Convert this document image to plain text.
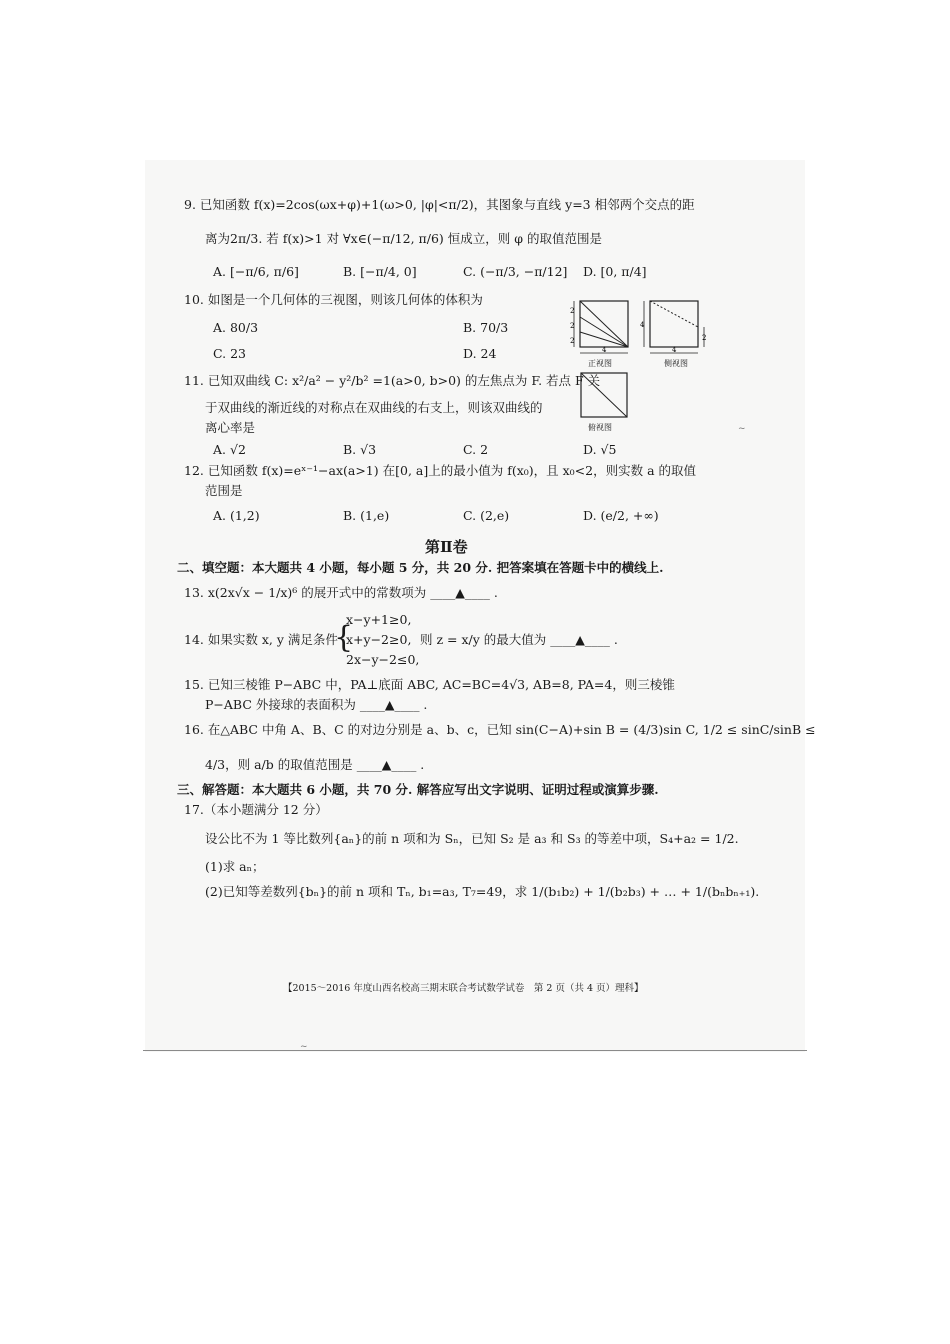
9. 已知函数 f(x)=2cos(ωx+φ)+1(ω>0, |φ|<π/2)，其图象与直线 y=3 相邻两个交点的距
离为2π/3. 若 f(x)>1 对 ∀x∈(−π/12, π/6) 恒成立，则 φ 的取值范围是
A. [−π/6, π/6]	B. [−π/4, 0]	C. (−π/3, −π/12] D. [0, π/4]
10. 如图是一个几何体的三视图，则该几何体的体积为
A. 80/3	B. 70/3
C. 23	D. 24
2
2
2
4
正视图
4
2
4
侧视图
俯视图
11. 已知双曲线 C: x²/a² − y²/b² =1(a>0, b>0) 的左焦点为 F. 若点 F 关
于双曲线的渐近线的对称点在双曲线的右支上，则该双曲线的
离心率是
A. √2	B. √3	C. 2	D. √5
12. 已知函数 f(x)=eˣ⁻¹−ax(a>1) 在[0, a]上的最小值为 f(x₀)，且 x₀<2，则实数 a 的取值
范围是
A. (1,2)	B. (1,e)	C. (2,e)	D. (e/2, +∞)
第Ⅱ卷
二、填空题：本大题共 4 小题，每小题 5 分，共 20 分. 把答案填在答题卡中的横线上.
13. x(2x√x − 1/x)⁶ 的展开式中的常数项为 ____▲____ .
14. 如果实数 x, y 满足条件
{
x−y+1≥0,
x+y−2≥0,
2x−y−2≤0,
则 z = x/y 的最大值为 ____▲____ .
15. 已知三棱锥 P−ABC 中，PA⊥底面 ABC, AC=BC=4√3, AB=8, PA=4，则三棱锥
P−ABC 外接球的表面积为 ____▲____ .
16. 在△ABC 中角 A、B、C 的对边分别是 a、b、c，已知 sin(C−A)+sin B = (4/3)sin C, 1/2 ≤ sinC/sinB ≤
4/3，则 a/b 的取值范围是 ____▲____ .
三、解答题：本大题共 6 小题，共 70 分. 解答应写出文字说明、证明过程或演算步骤.
17.（本小题满分 12 分）
设公比不为 1 等比数列{aₙ}的前 n 项和为 Sₙ，已知 S₂ 是 a₃ 和 S₃ 的等差中项，S₄+a₂ = 1/2.
(1)求 aₙ；
(2)已知等差数列{bₙ}的前 n 项和 Tₙ, b₁=a₃, T₇=49，求 1/(b₁b₂) + 1/(b₂b₃) + … + 1/(bₙbₙ₊₁).
【2015～2016 年度山西名校高三期末联合考试数学试卷　第 2 页（共 4 页）理科】
~
~
